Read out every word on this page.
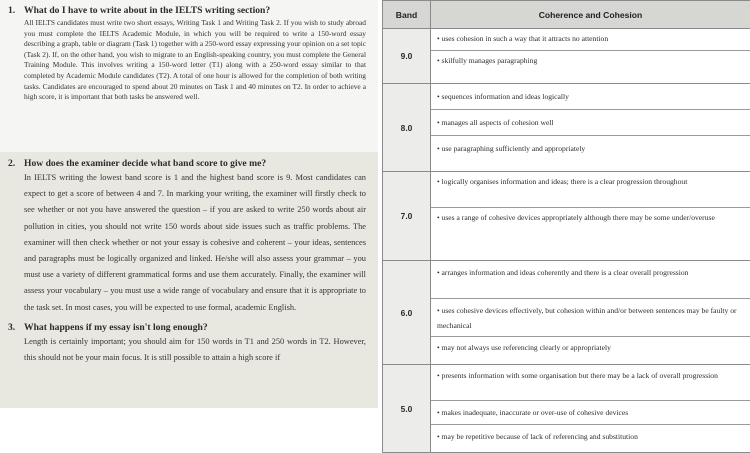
1. What do I have to write about in the IELTS writing section?
All IELTS candidates must write two short essays, Writing Task 1 and Writing Task 2. If you wish to study abroad you must complete the IELTS Academic Module, in which you will be required to write a 150-word essay describing a graph, table or diagram (Task 1) together with a 250-word essay expressing your opinion on a set topic (Task 2). If, on the other hand, you wish to migrate to an English-speaking country, you must complete the General Training Module. This involves writing a 150-word letter (T1) along with a 250-word essay similar to that completed by Academic Module candidates (T2). A total of one hour is allowed for the completion of both writing tasks. Candidates are encouraged to spend about 20 minutes on Task 1 and 40 minutes on T2. In order to achieve a high score, it is important that both tasks be answered well.
2. How does the examiner decide what band score to give me?
In IELTS writing the lowest band score is 1 and the highest band score is 9. Most candidates can expect to get a score of between 4 and 7. In marking your writing, the examiner will firstly check to see whether or not you have answered the question – if you are asked to write 250 words about air pollution in cities, you should not write 150 words about side issues such as traffic problems. The examiner will then check whether or not your essay is cohesive and coherent – your ideas, sentences and paragraphs must be logically organized and linked. He/she will also assess your grammar – you must use a variety of different grammatical forms and use them accurately. Finally, the examiner will assess your vocabulary – you must use a wide range of vocabulary and ensure that it is appropriate to the task set. In most cases, you will be expected to use formal, academic English.
3. What happens if my essay isn't long enough?
Length is certainly important; you should aim for 150 words in T1 and 250 words in T2. However, this should not be your main focus. It is still possible to attain a high score if
Band	Coherence and Cohesion
9.0	• uses cohesion in such a way that it attracts no attention
• skilfully manages paragraphing

8.0	• sequences information and ideas logically
• manages all aspects of cohesion well
• use paragraphing sufficiently and appropriately

7.0	• logically organises information and ideas; there is a clear progression throughout
• uses a range of cohesive devices appropriately although there may be some under/overuse

6.0	• arranges information and ideas coherently and there is a clear overall progression
• uses cohesive devices effectively, but cohesion within and/or between sentences may be faulty or mechanical
• may not always use referencing clearly or appropriately

5.0	• presents information with some organisation but there may be a lack of overall progression
• makes inadequate, inaccurate or over-use of cohesive devices
• may be repetitive because of lack of referencing and substitution
